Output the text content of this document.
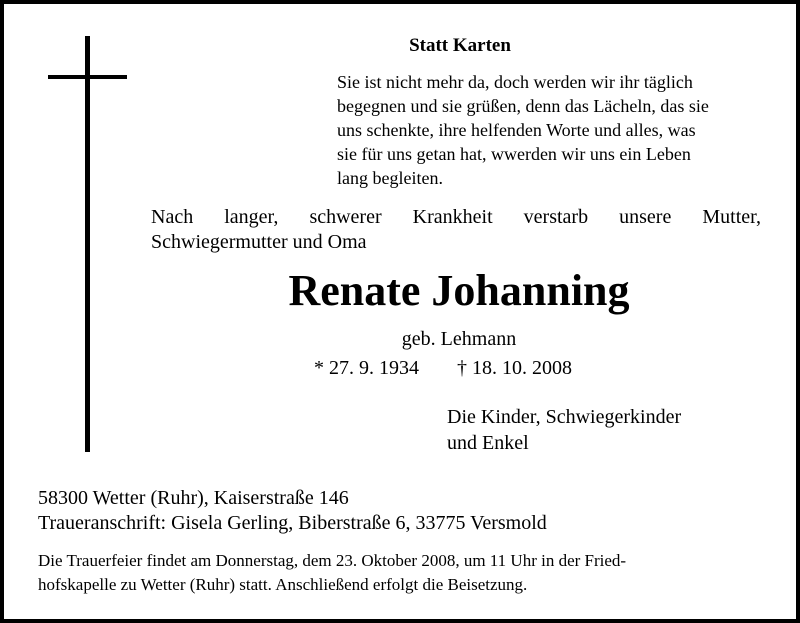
Statt Karten
Sie ist nicht mehr da, doch werden wir ihr täglich
begegnen und sie grüßen, denn das Lächeln, das sie
uns schenkte, ihre helfenden Worte und alles, was
sie für uns getan hat, wwerden wir uns ein Leben
lang begleiten.
Nach langer, schwerer Krankheit verstarb unsere Mutter,
Schwiegermutter und Oma
Renate Johanning
geb. Lehmann
* 27. 9. 1934 † 18. 10. 2008
Die Kinder, Schwiegerkinder
und Enkel
58300 Wetter (Ruhr), Kaiserstraße 146
Traueranschrift: Gisela Gerling, Biberstraße 6, 33775 Versmold
Die Trauerfeier findet am Donnerstag, dem 23. Oktober 2008, um 11 Uhr in der Fried-
hofskapelle zu Wetter (Ruhr) statt. Anschließend erfolgt die Beisetzung.
